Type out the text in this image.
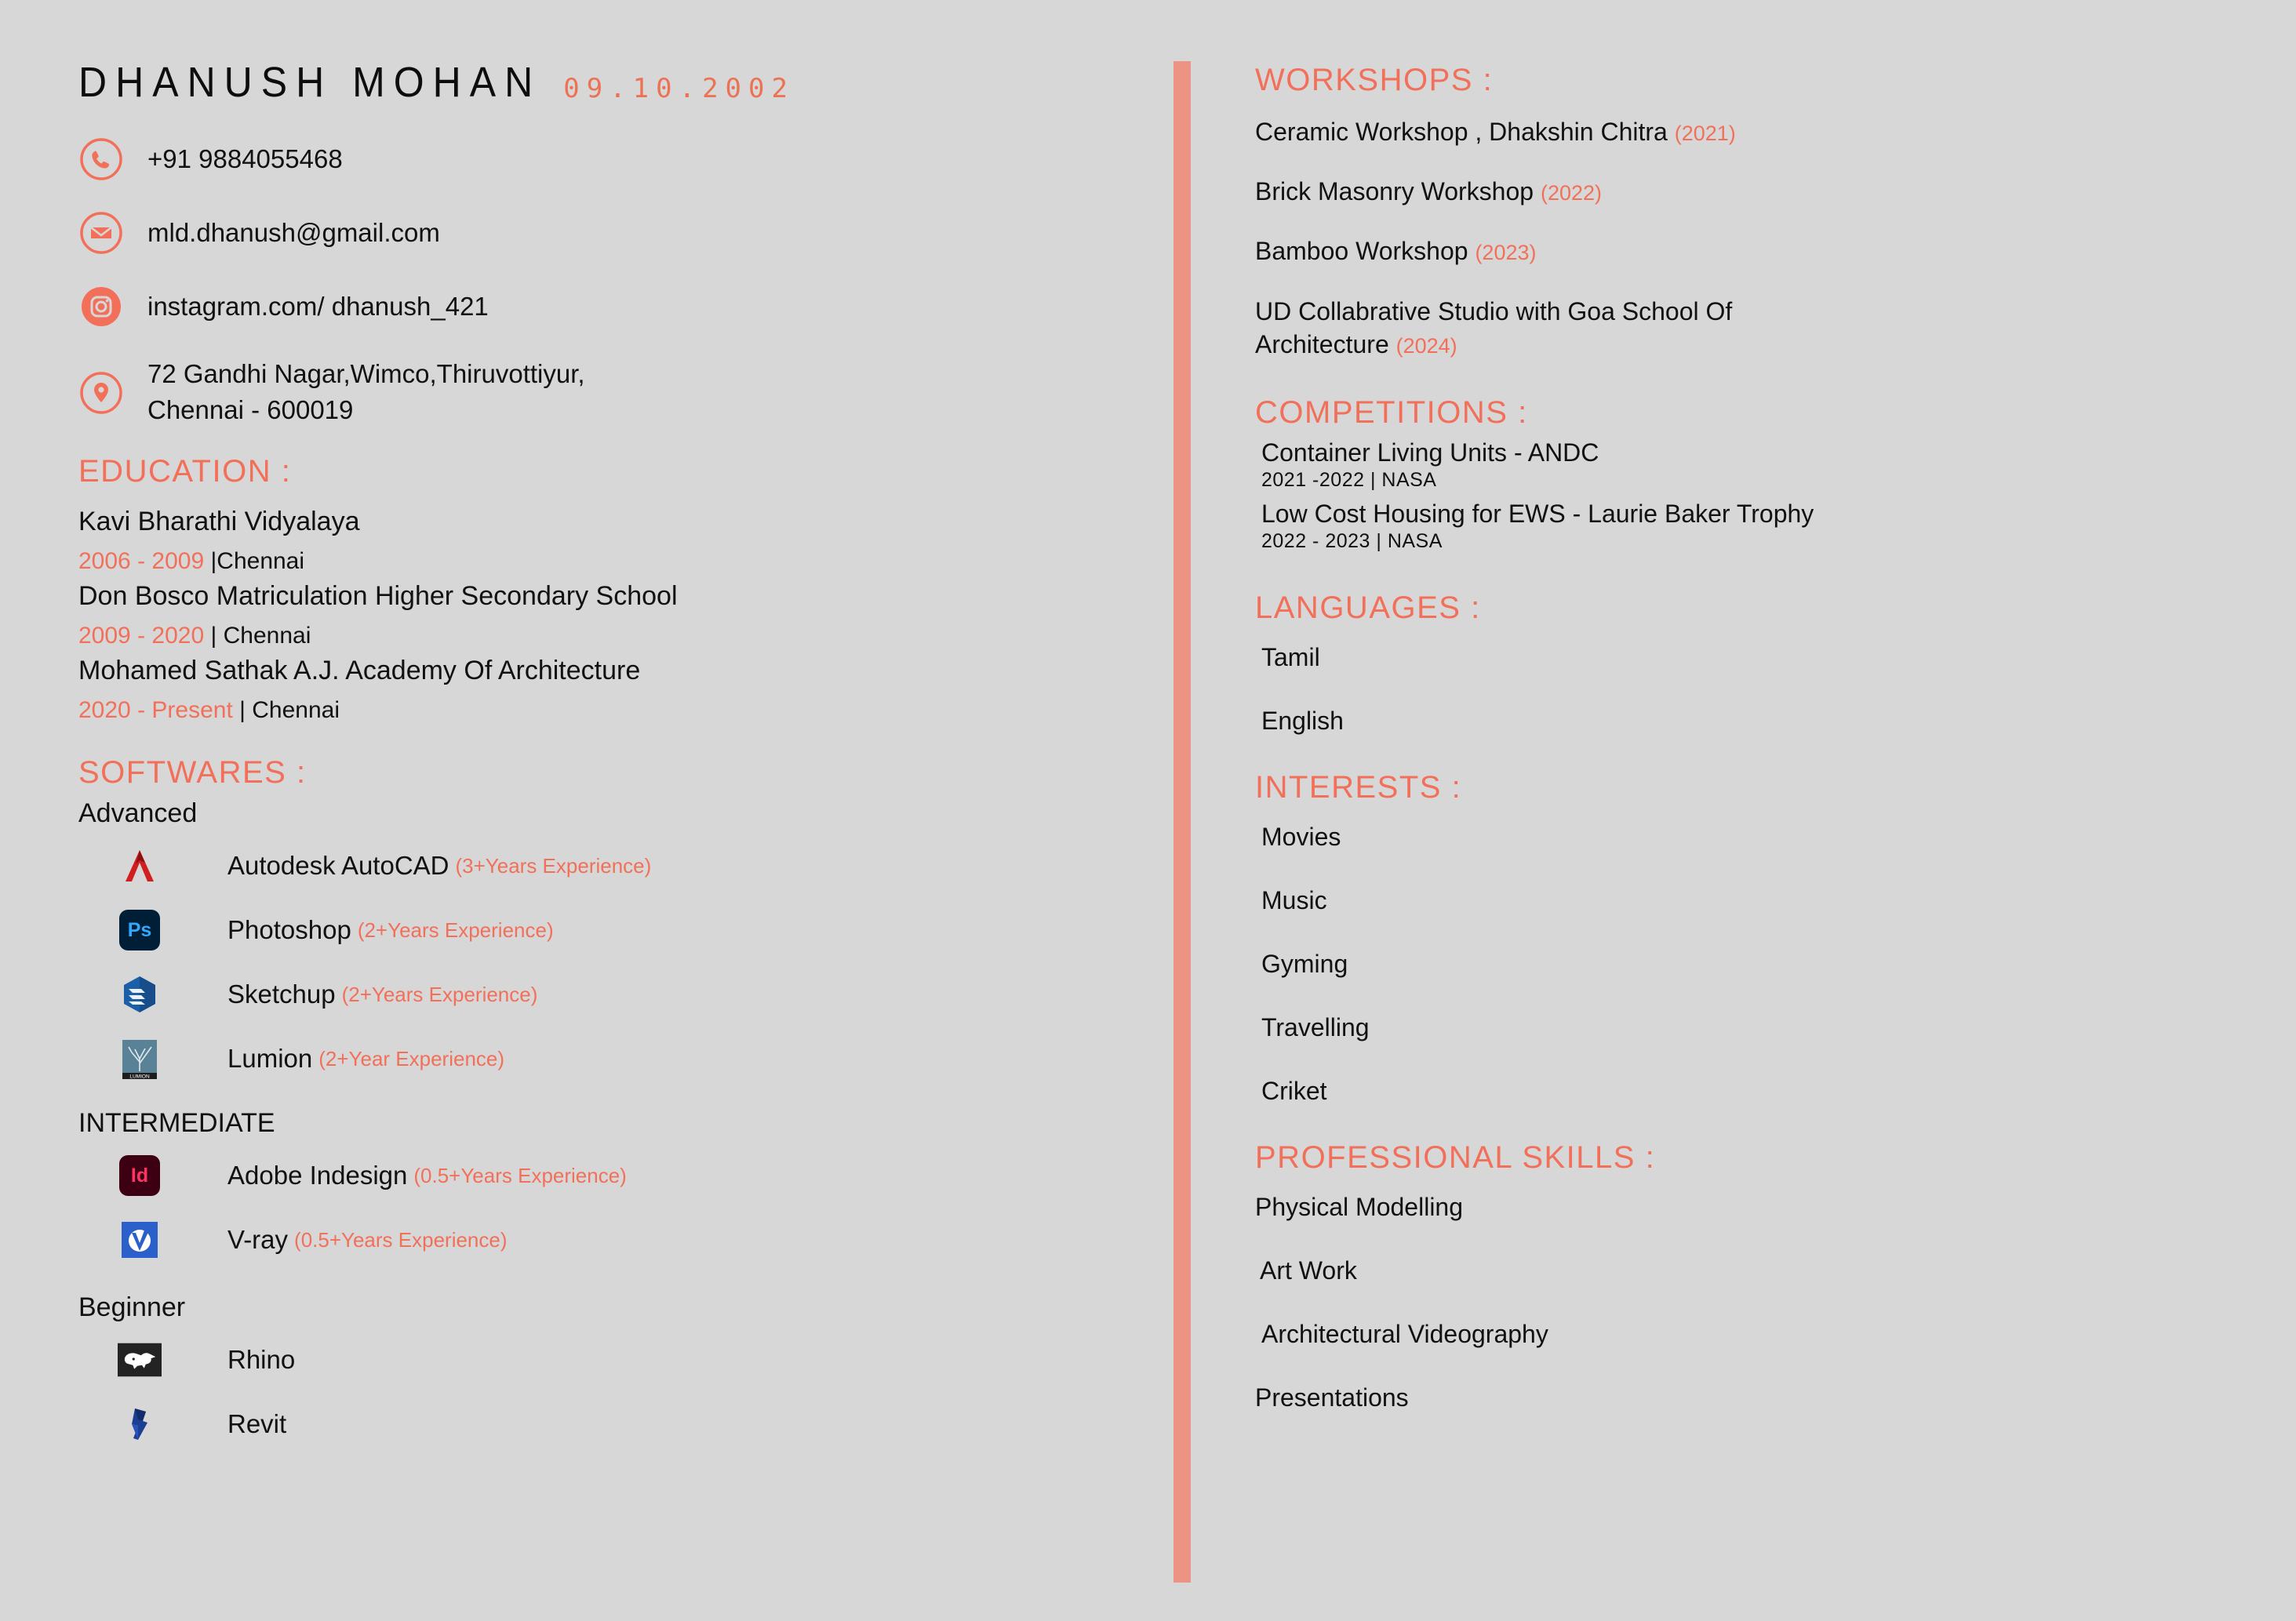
DHANUSH MOHAN 09.10.2002
+91 9884055468
mld.dhanush@gmail.com
instagram.com/ dhanush_421
72 Gandhi Nagar,Wimco,Thiruvottiyur,
Chennai - 600019
EDUCATION :
Kavi Bharathi Vidyalaya
2006 - 2009 |Chennai
Don Bosco Matriculation Higher Secondary School
2009 - 2020 | Chennai
Mohamed Sathak A.J. Academy Of Architecture
2020 - Present | Chennai
SOFTWARES :
Advanced
Autodesk AutoCAD (3+Years Experience)
Ps	Photoshop (2+Years Experience)
Sketchup (2+Years Experience)
LUMION
Lumion (2+Year Experience)
INTERMEDIATE
Id	Adobe Indesign (0.5+Years Experience)
V-ray (0.5+Years Experience)
Beginner
Rhino
Revit
WORKSHOPS :
Ceramic Workshop , Dhakshin Chitra (2021)
Brick Masonry Workshop (2022)
Bamboo Workshop (2023)
UD Collabrative Studio with Goa School Of Architecture (2024)
COMPETITIONS :
Container Living Units - ANDC
2021 -2022 | NASA
Low Cost Housing for EWS - Laurie Baker Trophy
2022 - 2023 | NASA
LANGUAGES :
Tamil
English
INTERESTS :
Movies
Music
Gyming
Travelling
Criket
PROFESSIONAL SKILLS :
Physical Modelling
Art Work
Architectural Videography
Presentations
